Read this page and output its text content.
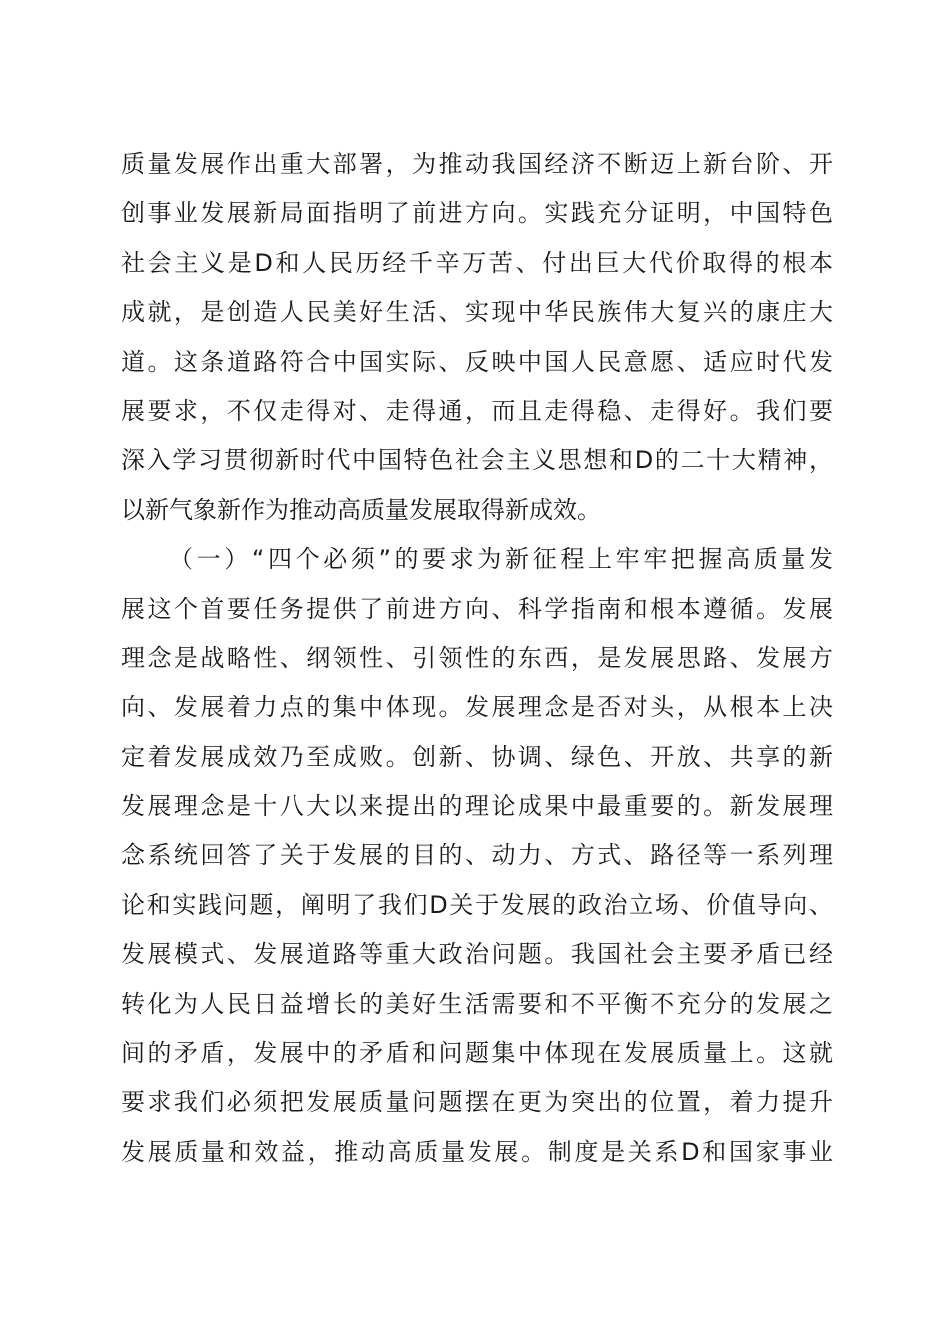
质量发展作出重大部署，为推动我国经济不断迈上新台阶、开
创事业发展新局面指明了前进方向。实践充分证明，中国特色
社会主义是D和人民历经千辛万苦、付出巨大代价取得的根本
成就，是创造人民美好生活、实现中华民族伟大复兴的康庄大
道。这条道路符合中国实际、反映中国人民意愿、适应时代发
展要求，不仅走得对、走得通，而且走得稳、走得好。我们要
深入学习贯彻新时代中国特色社会主义思想和D的二十大精神，
以新气象新作为推动高质量发展取得新成效。
（一）“四个必须”的要求为新征程上牢牢把握高质量发
展这个首要任务提供了前进方向、科学指南和根本遵循。发展
理念是战略性、纲领性、引领性的东西，是发展思路、发展方
向、发展着力点的集中体现。发展理念是否对头，从根本上决
定着发展成效乃至成败。创新、协调、绿色、开放、共享的新
发展理念是十八大以来提出的理论成果中最重要的。新发展理
念系统回答了关于发展的目的、动力、方式、路径等一系列理
论和实践问题，阐明了我们D关于发展的政治立场、价值导向、
发展模式、发展道路等重大政治问题。我国社会主要矛盾已经
转化为人民日益增长的美好生活需要和不平衡不充分的发展之
间的矛盾，发展中的矛盾和问题集中体现在发展质量上。这就
要求我们必须把发展质量问题摆在更为突出的位置，着力提升
发展质量和效益，推动高质量发展。制度是关系D和国家事业
